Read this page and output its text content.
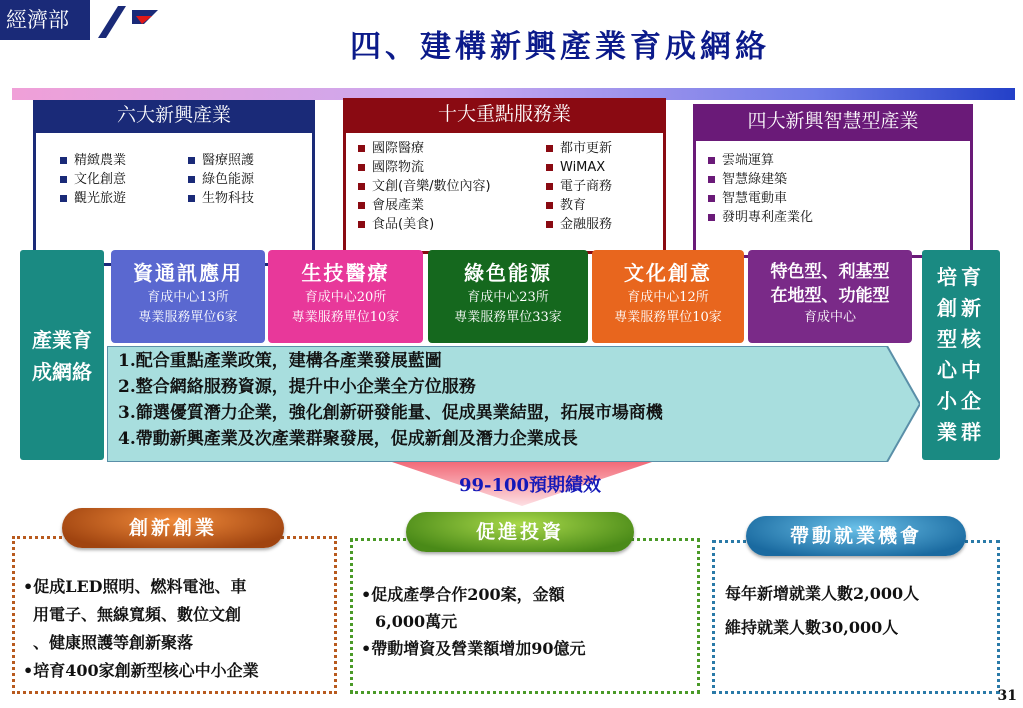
經濟部
四、建構新興產業育成網絡
六大新興產業
精緻農業
文化創意
觀光旅遊
醫療照護
綠色能源
生物科技
十大重點服務業
國際醫療
國際物流
文創(音樂/數位內容)
會展產業
食品(美食)
都市更新
WiMAX
電子商務
教育
金融服務
四大新興智慧型產業
雲端運算
智慧綠建築
智慧電動車
發明專利產業化
產業育成網絡
培育創新型核心中小企業群
資通訊應用
育成中心13所
專業服務單位6家
生技醫療
育成中心20所
專業服務單位10家
綠色能源
育成中心23所
專業服務單位33家
文化創意
育成中心12所
專業服務單位10家
特色型、利基型
在地型、功能型
育成中心
1.配合重點產業政策，建構各產業發展藍圖
2.整合網絡服務資源，提升中小企業全方位服務
3.篩選優質潛力企業，強化創新研發能量、促成異業結盟，拓展市場商機
4.帶動新興產業及次產業群聚發展，促成新創及潛力企業成長
99-100預期績效
•促成LED照明、燃料電池、車
用電子、無線寬頻、數位文創
、健康照護等創新聚落
•培育400家創新型核心中小企業
•促成產學合作200案，金額
6,000萬元
•帶動增資及營業額增加90億元
每年新增就業人數2,000人
維持就業人數30,000人
創新創業	促進投資	帶動就業機會
31
